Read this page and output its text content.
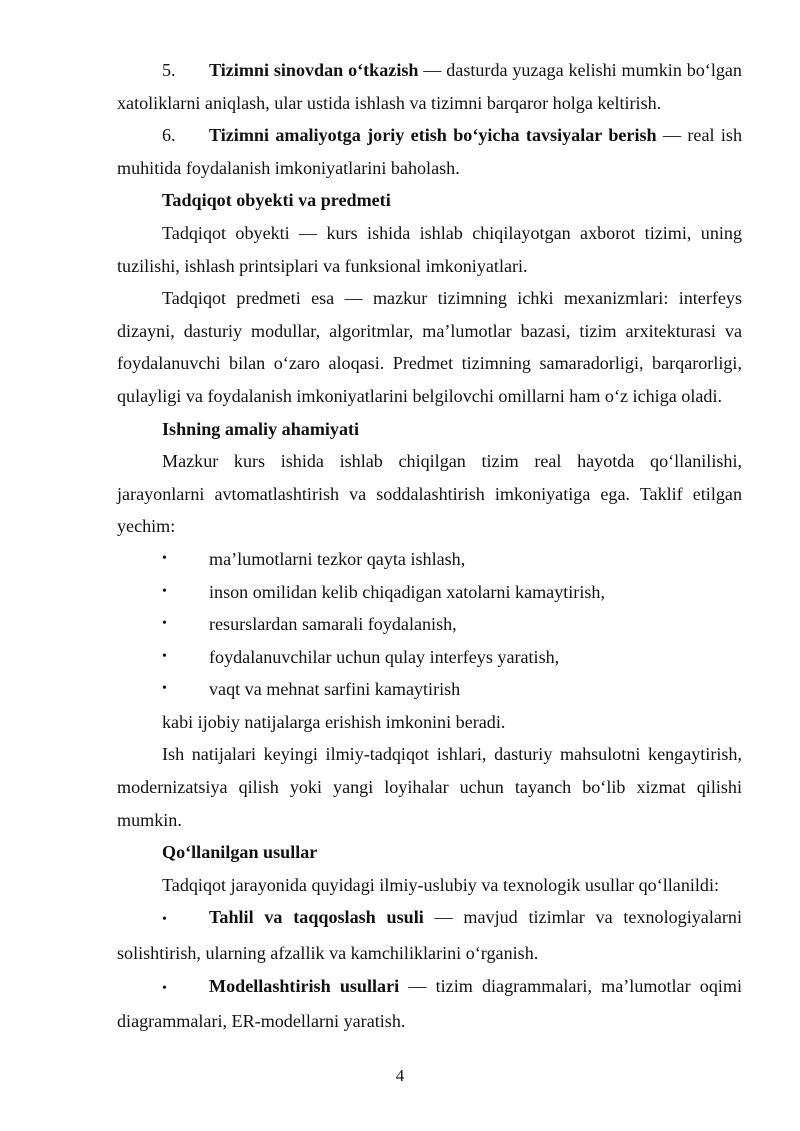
5. Tizimni sinovdan o‘tkazish — dasturda yuzaga kelishi mumkin bo‘lgan xatoliklarni aniqlash, ular ustida ishlash va tizimni barqaror holga keltirish.

6. Tizimni amaliyotga joriy etish bo‘yicha tavsiyalar berish — real ish muhitida foydalanish imkoniyatlarini baholash.

Tadqiqot obyekti va predmeti

Tadqiqot obyekti — kurs ishida ishlab chiqilayotgan axborot tizimi, uning tuzilishi, ishlash printsiplari va funksional imkoniyatlari.

Tadqiqot predmeti esa — mazkur tizimning ichki mexanizmlari: interfeys dizayni, dasturiy modullar, algoritmlar, ma’lumotlar bazasi, tizim arxitekturasi va foydalanuvchi bilan o‘zaro aloqasi. Predmet tizimning samaradorligi, barqarorligi, qulayligi va foydalanish imkoniyatlarini belgilovchi omillarni ham o‘z ichiga oladi.

Ishning amaliy ahamiyati

Mazkur kurs ishida ishlab chiqilgan tizim real hayotda qo‘llanilishi, jarayonlarni avtomatlashtirish va soddalashtirish imkoniyatiga ega. Taklif etilgan yechim:

•	ma’lumotlarni tezkor qayta ishlash,
•	inson omilidan kelib chiqadigan xatolarni kamaytirish,
•	resurslardan samarali foydalanish,
•	foydalanuvchilar uchun qulay interfeys yaratish,
•	vaqt va mehnat sarfini kamaytirish

kabi ijobiy natijalarga erishish imkonini beradi.

Ish natijalari keyingi ilmiy-tadqiqot ishlari, dasturiy mahsulotni kengaytirish, modernizatsiya qilish yoki yangi loyihalar uchun tayanch bo‘lib xizmat qilishi mumkin.

Qo‘llanilgan usullar

Tadqiqot jarayonida quyidagi ilmiy-uslubiy va texnologik usullar qo‘llanildi:

• Tahlil va taqqoslash usuli — mavjud tizimlar va texnologiyalarni solishtirish, ularning afzallik va kamchiliklarini o‘rganish.

• Modellashtirish usullari — tizim diagrammalari, ma’lumotlar oqimi diagrammalari, ER-modellarni yaratish.

4
